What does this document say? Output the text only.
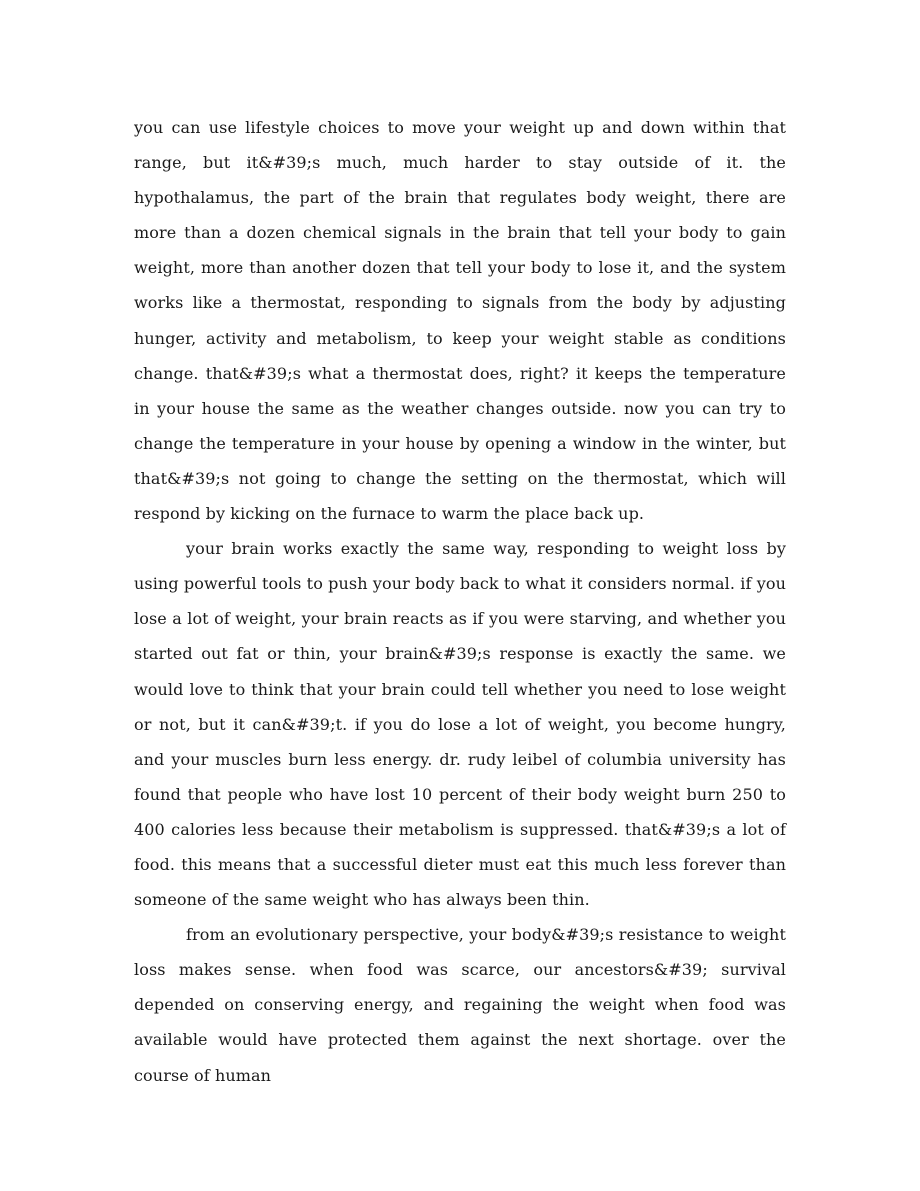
you can use lifestyle choices to move your weight up and down within that range, but it&#39;s much, much harder to stay outside of it. the hypothalamus, the part of the brain that regulates body weight, there are more than a dozen chemical signals in the brain that tell your body to gain weight, more than another dozen that tell your body to lose it, and the system works like a thermostat, responding to signals from the body by adjusting hunger, activity and metabolism, to keep your weight stable as conditions change. that&#39;s what a thermostat does, right? it keeps the temperature in your house the same as the weather changes outside. now you can try to change the temperature in your house by opening a window in the winter, but that&#39;s not going to change the setting on the thermostat, which will respond by kicking on the furnace to warm the place back up.

your brain works exactly the same way, responding to weight loss by using powerful tools to push your body back to what it considers normal. if you lose a lot of weight, your brain reacts as if you were starving, and whether you started out fat or thin, your brain&#39;s response is exactly the same. we would love to think that your brain could tell whether you need to lose weight or not, but it can&#39;t. if you do lose a lot of weight, you become hungry, and your muscles burn less energy. dr. rudy leibel of columbia university has found that people who have lost 10 percent of their body weight burn 250 to 400 calories less because their metabolism is suppressed. that&#39;s a lot of food. this means that a successful dieter must eat this much less forever than someone of the same weight who has always been thin.

from an evolutionary perspective, your body&#39;s resistance to weight loss makes sense. when food was scarce, our ancestors&#39; survival depended on conserving energy, and regaining the weight when food was available would have protected them against the next shortage. over the course of human
